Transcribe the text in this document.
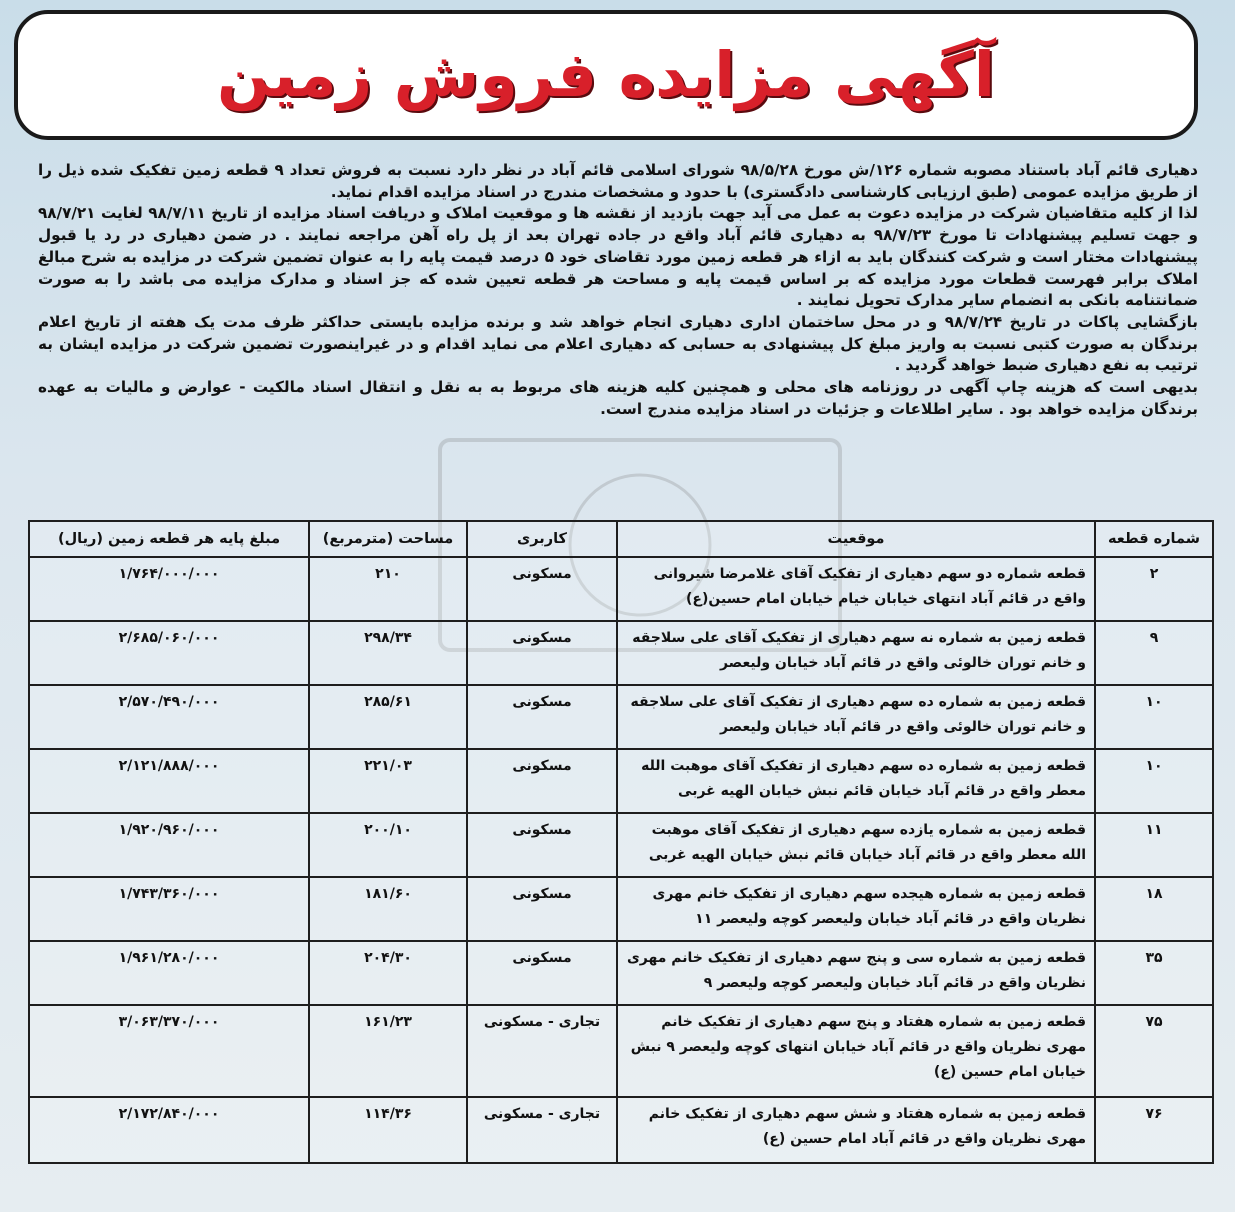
آگهی مزایده فروش زمین

دهیاری قائم آباد باستناد مصوبه شماره ۱۲۶/ش مورخ ۹۸/۵/۲۸ شورای اسلامی قائم آباد در نظر دارد نسبت به فروش تعداد ۹ قطعه زمین تفکیک شده ذیل را از طریق مزایده عمومی (طبق ارزیابی کارشناسی دادگستری) با حدود و مشخصات مندرج در اسناد مزایده اقدام نماید.

لذا از کلیه متقاضیان شرکت در مزایده دعوت به عمل می آید جهت بازدید از نقشه ها و موقعیت املاک و دریافت اسناد مزایده از تاریخ ۹۸/۷/۱۱ لغایت ۹۸/۷/۲۱ و جهت تسلیم پیشنهادات تا مورخ ۹۸/۷/۲۳ به دهیاری قائم آباد واقع در جاده تهران بعد از پل راه آهن مراجعه نمایند . در ضمن دهیاری در رد یا قبول پیشنهادات مختار است و شرکت کنندگان باید به ازاء هر قطعه زمین مورد تقاضای خود ۵ درصد قیمت پایه را به عنوان تضمین شرکت در مزایده به شرح مبالغ املاک برابر فهرست قطعات مورد مزایده که بر اساس قیمت پایه و مساحت هر قطعه تعیین شده که جز اسناد و مدارک مزایده می باشد را به صورت ضمانتنامه بانکی به انضمام سایر مدارک تحویل نمایند .

بازگشایی پاکات در تاریخ ۹۸/۷/۲۴ و در محل ساختمان اداری دهیاری انجام خواهد شد و برنده مزایده بایستی حداکثر ظرف مدت یک هفته از تاریخ اعلام برندگان به صورت کتبی نسبت به واریز مبلغ کل پیشنهادی به حسابی که دهیاری اعلام می نماید اقدام و در غیراینصورت تضمین شرکت در مزایده ایشان به ترتیب به نفع دهیاری ضبط خواهد گردید .

بدیهی است که هزینه چاپ آگهی در روزنامه های محلی و همچنین کلیه هزینه های مربوط به به نقل و انتقال اسناد مالکیت - عوارض و مالیات به عهده برندگان مزایده خواهد بود . سایر اطلاعات و جزئیات در اسناد مزایده مندرج است.

شماره قطعه	موقعیت	کاربری	مساحت (مترمربع)	مبلغ پایه هر قطعه زمین (ریال)
۲	قطعه شماره دو سهم دهیاری از تفکیک آقای غلامرضا شیروانی واقع در قائم آباد انتهای خیابان خیام خیابان امام حسین(ع)	مسکونی	۲۱۰	۱/۷۶۴/۰۰۰/۰۰۰
۹	قطعه زمین به شماره نه سهم دهیاری از تفکیک آقای علی سلاجقه و خانم توران خالوئی واقع در قائم آباد خیابان ولیعصر	مسکونی	۲۹۸/۳۴	۲/۶۸۵/۰۶۰/۰۰۰
۱۰	قطعه زمین به شماره ده سهم دهیاری از تفکیک آقای علی سلاجقه و خانم توران خالوئی واقع در قائم آباد خیابان ولیعصر	مسکونی	۲۸۵/۶۱	۲/۵۷۰/۴۹۰/۰۰۰
۱۰	قطعه زمین به شماره ده سهم دهیاری از تفکیک آقای موهبت الله معطر واقع در قائم آباد خیابان قائم نبش خیابان الهیه غربی	مسکونی	۲۲۱/۰۳	۲/۱۲۱/۸۸۸/۰۰۰
۱۱	قطعه زمین به شماره یازده سهم دهیاری از تفکیک آقای موهبت الله معطر واقع در قائم آباد خیابان قائم نبش خیابان الهیه غربی	مسکونی	۲۰۰/۱۰	۱/۹۲۰/۹۶۰/۰۰۰
۱۸	قطعه زمین به شماره هیجده سهم دهیاری از تفکیک خانم مهری نظریان واقع در قائم آباد خیابان ولیعصر کوچه ولیعصر ۱۱	مسکونی	۱۸۱/۶۰	۱/۷۴۳/۳۶۰/۰۰۰
۳۵	قطعه زمین به شماره سی و پنج سهم دهیاری از تفکیک خانم مهری نظریان واقع در قائم آباد خیابان ولیعصر کوچه ولیعصر ۹	مسکونی	۲۰۴/۳۰	۱/۹۶۱/۲۸۰/۰۰۰
۷۵	قطعه زمین به شماره هفتاد و پنج سهم دهیاری از تفکیک خانم مهری نظریان واقع در قائم آباد خیابان انتهای کوچه ولیعصر ۹ نبش خیابان امام حسین (ع)	تجاری - مسکونی	۱۶۱/۲۳	۳/۰۶۳/۳۷۰/۰۰۰
۷۶	قطعه زمین به شماره هفتاد و شش سهم دهیاری از تفکیک خانم مهری نظریان واقع در قائم آباد امام حسین (ع)	تجاری - مسکونی	۱۱۴/۳۶	۲/۱۷۲/۸۴۰/۰۰۰
